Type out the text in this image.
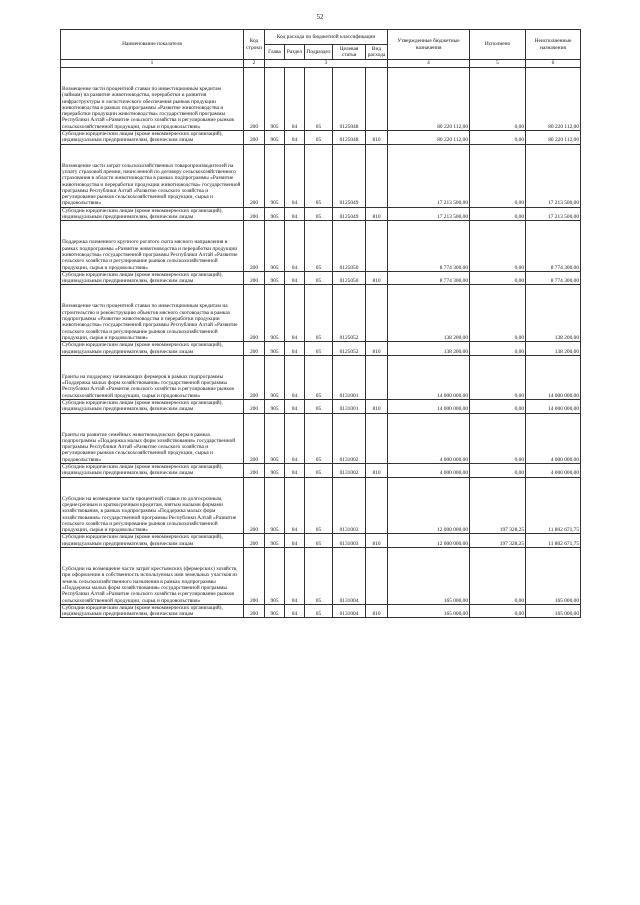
52
Наименование показателя	Код строки	Код расхода по бюджетной классификации					Утвержденные бюджетные назначения	Исполнено	Неисполненные назначения
		Глава	Раздел	Подраздел	Целевая статья	Вид расхода			
1	2	3					4	5	6
Возмещение части процентной ставки по инвестиционным кредитам (займам) на развитие животноводства, переработки и развития инфраструктуры и логистического обеспечения рынков продукции животноводства в рамках подпрограммы «Развитие животноводства и переработки продукции животноводства» государственной программы Республики Алтай «Развитие сельского хозяйства и регулирование рынков сельскохозяйственной продукции, сырья и продовольствия»	200	905	04	05	0125048		80 220 112,00	0,00	80 220 112,00
Субсидии юридическим лицам (кроме некоммерческих организаций), индивидуальным предпринимателям, физическим лицам	200	905	04	05	0125048	810	80 220 112,00	0,00	80 220 112,00
Возмещение части затрат сельскохозяйственных товаропроизводителей на уплату страховой премии, начисленной по договору сельскохозяйственного страхования в области животноводства в рамках подпрограммы «Развитие животноводства и переработки продукции животноводства» государственной программы Республики Алтай «Развитие сельского хозяйства и регулирование рынков сельскохозяйственной продукции, сырья и продовольствия»	200	905	04	05	0125049		17 213 500,00	0,00	17 213 500,00
Субсидии юридическим лицам (кроме некоммерческих организаций), индивидуальным предпринимателям, физическим лицам	200	905	04	05	0125049	810	17 213 500,00	0,00	17 213 500,00
Поддержка племенного крупного рогатого скота мясного направления в рамках подпрограммы «Развитие животноводства и переработки продукции животноводства» государственной программы Республики Алтай «Развитие сельского хозяйства и регулирование рынков сельскохозяйственной продукции, сырья и продовольствия»	200	905	04	05	0125050		8 774 300,00	0,00	8 774 300,00
Субсидии юридическим лицам (кроме некоммерческих организаций), индивидуальным предпринимателям, физическим лицам	200	905	04	05	0125050	810	8 774 300,00	0,00	8 774 300,00
Возмещение части процентной ставки по инвестиционным кредитам на строительство и реконструкцию объектов мясного скотоводства в рамках подпрограммы «Развитие животноводства и переработки продукции животноводства» государственной программы Республики Алтай «Развитие сельского хозяйства и регулирование рынков сельскохозяйственной продукции, сырья и продовольствия»	200	905	04	05	0125052		138 200,00	0,00	138 200,00
Субсидии юридическим лицам (кроме некоммерческих организаций), индивидуальным предпринимателям, физическим лицам	200	905	04	05	0125052	810	138 200,00	0,00	138 200,00
Гранты на поддержку начинающих фермеров в рамках подпрограммы «Поддержка малых форм хозяйствования» государственной программы Республики Алтай «Развитие сельского хозяйства и регулирование рынков сельскохозяйственной продукции, сырья и продовольствия»	200	905	04	05	0131001		14 000 000,00	0,00	14 000 000,00
Субсидии юридическим лицам (кроме некоммерческих организаций), индивидуальным предпринимателям, физическим лицам	200	905	04	05	0131001	810	14 000 000,00	0,00	14 000 000,00
Гранты на развитие семейных животноводческих ферм в рамках подпрограммы «Поддержка малых форм хозяйствования» государственной программы Республики Алтай «Развитие сельского хозяйства и регулирование рынков сельскохозяйственной продукции, сырья и продовольствия»	200	905	04	05	0131002		4 000 000,00	0,00	4 000 000,00
Субсидии юридическим лицам (кроме некоммерческих организаций), индивидуальным предпринимателям, физическим лицам	200	905	04	05	0131002	810	4 000 000,00	0,00	4 000 000,00
Субсидии на возмещение части процентной ставки по долгосрочным, среднесрочным и краткосрочным кредитам, взятым малыми формами хозяйствования, в рамках подпрограммы «Поддержка малых форм хозяйствования» государственной программы Республики Алтай «Развитие сельского хозяйства и регулирование рынков сельскохозяйственной продукции, сырья и продовольствия»	200	905	04	05	0131003		12 000 000,00	197 328,25	11 802 671,75
Субсидии юридическим лицам (кроме некоммерческих организаций), индивидуальным предпринимателям, физическим лицам	200	905	04	05	0131003	810	12 000 000,00	197 328,25	11 802 671,75
Субсидии на возмещение части затрат крестьянских (фермерских) хозяйств, при оформлении в собственность используемых ими земельных участков из земель сельскохозяйственного назначения в рамках подпрограммы «Поддержка малых форм хозяйствования» государственной программы Республики Алтай «Развитие сельского хозяйства и регулирование рынков сельскохозяйственной продукции, сырья и продовольствия»	200	905	04	05	0131004		165 000,00	0,00	165 000,00
Субсидии юридическим лицам (кроме некоммерческих организаций), индивидуальным предпринимателям, физическим лицам	200	905	04	05	0131004	810	165 000,00	0,00	165 000,00
